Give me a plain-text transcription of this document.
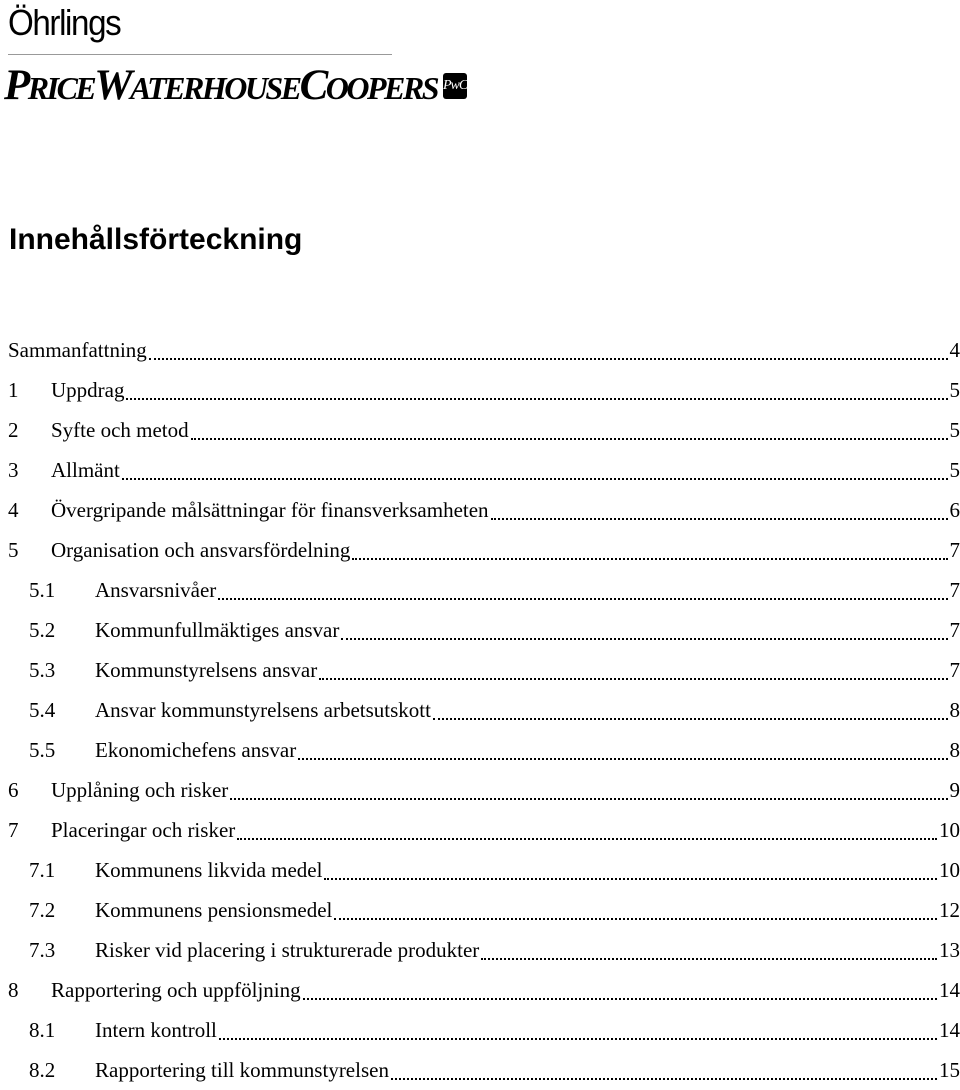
Öhrlings
PRICEWATERHOUSECOOPERS PwC
Innehållsförteckning
Sammanfattning	4
1	Uppdrag	5
2	Syfte och metod	5
3	Allmänt	5
4	Övergripande målsättningar för finansverksamheten	6
5	Organisation och ansvarsfördelning	7
5.1	Ansvarsnivåer	7
5.2	Kommunfullmäktiges ansvar	7
5.3	Kommunstyrelsens ansvar	7
5.4	Ansvar kommunstyrelsens arbetsutskott	8
5.5	Ekonomichefens ansvar	8
6	Upplåning och risker	9
7	Placeringar och risker	10
7.1	Kommunens likvida medel	10
7.2	Kommunens pensionsmedel	12
7.3	Risker vid placering i strukturerade produkter	13
8	Rapportering och uppföljning	14
8.1	Intern kontroll	14
8.2	Rapportering till kommunstyrelsen	15
